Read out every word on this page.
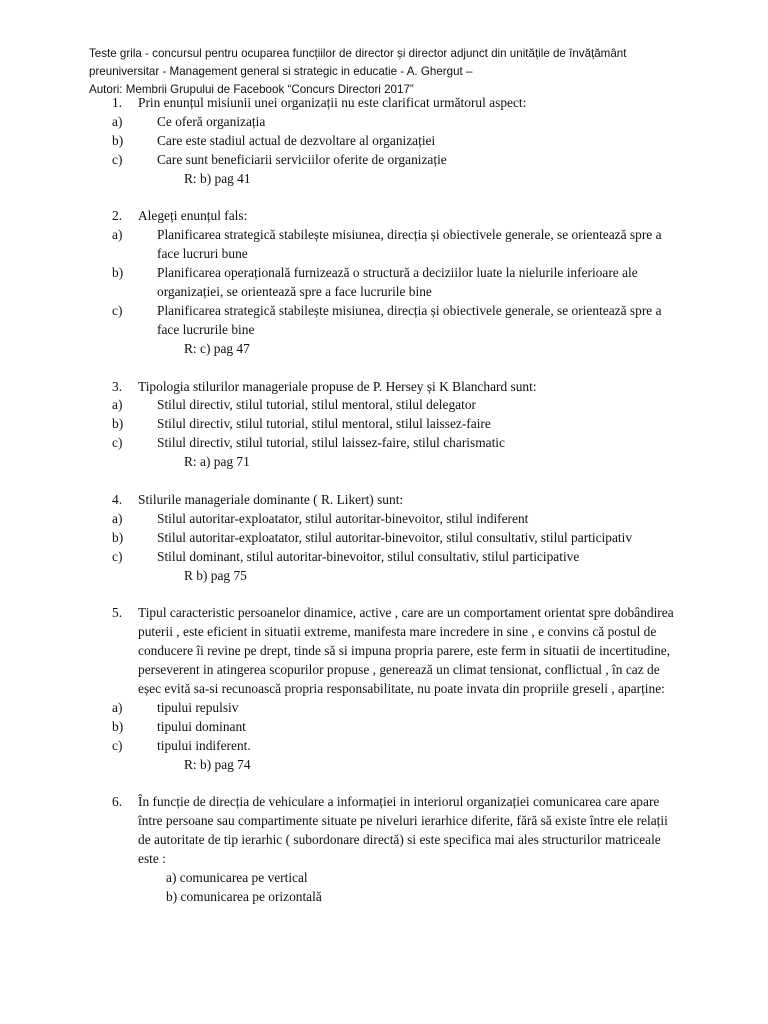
Teste grila - concursul pentru ocuparea funcțiilor de director și director adjunct din unitățile de învățământ
preuniversitar - Management general si strategic in educatie - A. Ghergut –
Autori: Membrii Grupului de Facebook “Concurs Directori 2017”
1. Prin enunțul misiunii unei organizații nu este clarificat următorul aspect:
a)	Ce oferă organizația
b)	Care este stadiul actual de dezvoltare al organizației
c)	Care sunt beneficiarii serviciilor oferite de organizație
R: b) pag 41
2. Alegeți enunțul fals:
a)	Planificarea strategică stabilește misiunea, direcția și obiectivele generale, se orientează spre a face lucruri bune
b)	Planificarea operațională furnizează o structură a deciziilor luate la nielurile inferioare ale organizației, se orientează spre a face lucrurile bine
c)	Planificarea strategică stabilește misiunea, direcția și obiectivele generale, se orientează spre a face lucrurile bine
R: c) pag 47
3. Tipologia stilurilor manageriale propuse de P. Hersey și K Blanchard sunt:
a)	Stilul directiv, stilul tutorial, stilul mentoral, stilul delegator
b)	Stilul directiv, stilul tutorial, stilul mentoral, stilul laissez-faire
c)	Stilul directiv, stilul tutorial, stilul laissez-faire, stilul charismatic
R: a) pag 71
4. Stilurile manageriale dominante ( R. Likert) sunt:
a)	Stilul autoritar-exploatator, stilul autoritar-binevoitor, stilul indiferent
b)	Stilul autoritar-exploatator, stilul autoritar-binevoitor, stilul consultativ, stilul participativ
c)	Stilul dominant, stilul autoritar-binevoitor, stilul consultativ, stilul participative
R b) pag 75
5. Tipul caracteristic persoanelor dinamice, active , care are un comportament orientat spre dobândirea puterii , este eficient in situatii extreme, manifesta mare incredere in sine , e convins că postul de conducere îi revine pe drept, tinde să si impuna propria parere, este ferm in situatii de incertitudine, perseverent in atingerea scopurilor propuse , generează un climat tensionat, conflictual , în caz de eșec evită sa-si recunoască propria responsabilitate, nu poate invata din propriile greseli , aparține:
a)	tipului repulsiv
b)	tipului dominant
c)	tipului indiferent.
R: b) pag 74
6. În funcție de direcția de vehiculare a informației in interiorul organizației comunicarea care apare între persoane sau compartimente situate pe niveluri ierarhice diferite, fără să existe între ele relații de autoritate de tip ierarhic ( subordonare directă) si este specifica mai ales structurilor matriceale este :
a) comunicarea pe vertical
b) comunicarea pe orizontală
